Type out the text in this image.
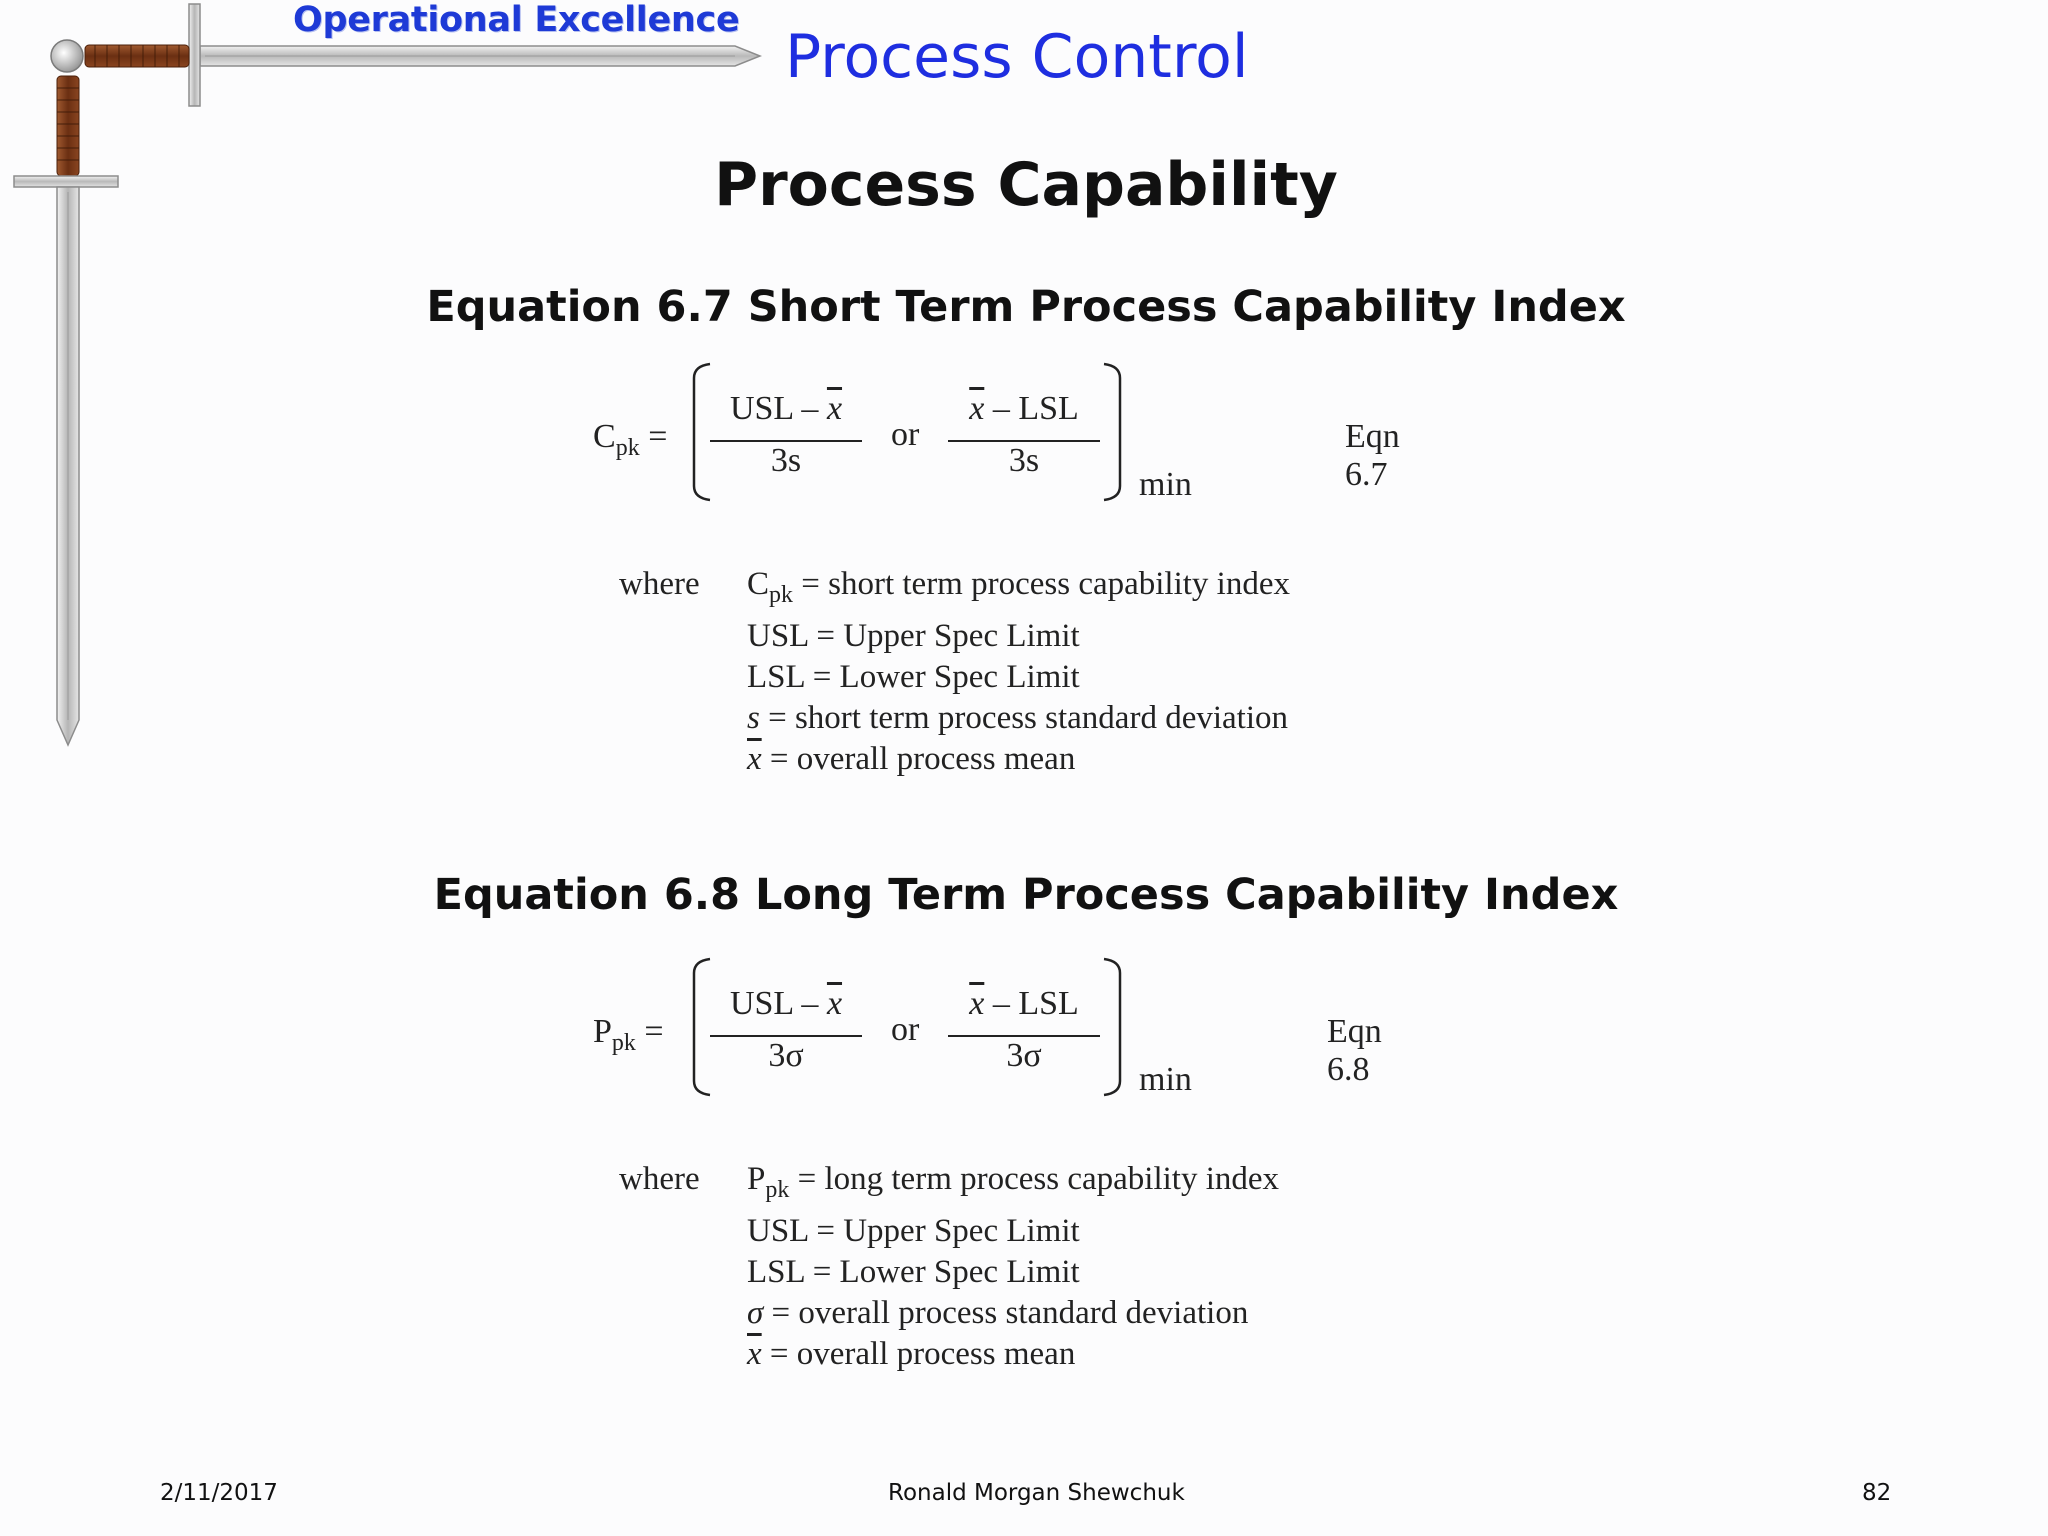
Operational Excellence
Process Control
Process Capability
Equation 6.7 Short Term Process Capability Index
$C_{pk}$ =
USL – $\overline{x}$
3s
or
$\overline{x}$ – LSL
3s
min
Eqn 6.7
where $C_{pk}$ = short term process capability index
USL = Upper Spec Limit
LSL = Lower Spec Limit
s = short term process standard deviation
$\overline{x}$ = overall process mean
Equation 6.8 Long Term Process Capability Index
$P_{pk}$ =
USL – $\overline{x}$
3σ
or
$\overline{x}$ – LSL
3σ
min
Eqn 6.8
where $P_{pk}$ = long term process capability index
USL = Upper Spec Limit
LSL = Lower Spec Limit
σ = overall process standard deviation
$\overline{x}$ = overall process mean
2/11/2017	Ronald Morgan Shewchuk	82
